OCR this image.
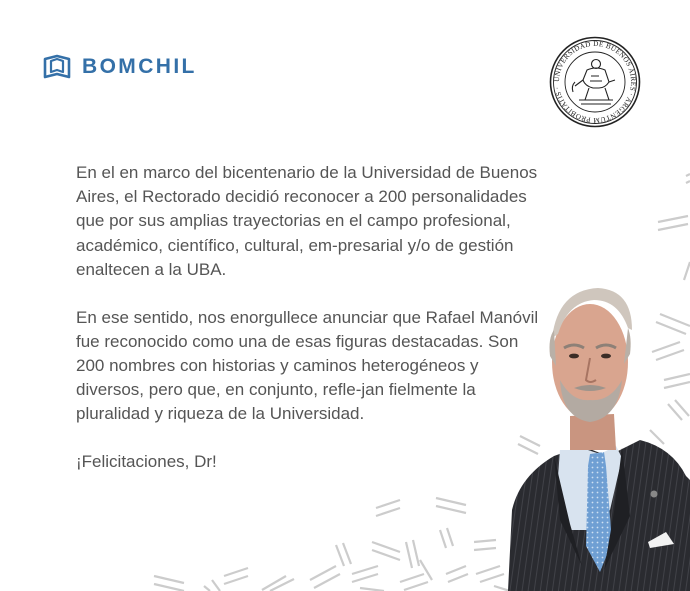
BOMCHIL
UNIVERSIDAD DE BUENOS AIRES · ARGENTUM PROBITATIS ·

En el en marco del bicentenario de la Universidad de Buenos Aires, el Rectorado decidió reconocer a 200 personalidades que por sus amplias trayectorias en el campo profesional, académico, científico, cultural, em-presarial y/o de gestión enaltecen a la UBA.

En ese sentido, nos enorgullece anunciar que Rafael Manóvil fue reconocido como una de esas figuras destacadas. Son 200 nombres con historias y caminos heterogéneos y diversos, pero que, en conjunto, refle-jan fielmente la pluralidad y riqueza de la Universidad.

¡Felicitaciones, Dr!
